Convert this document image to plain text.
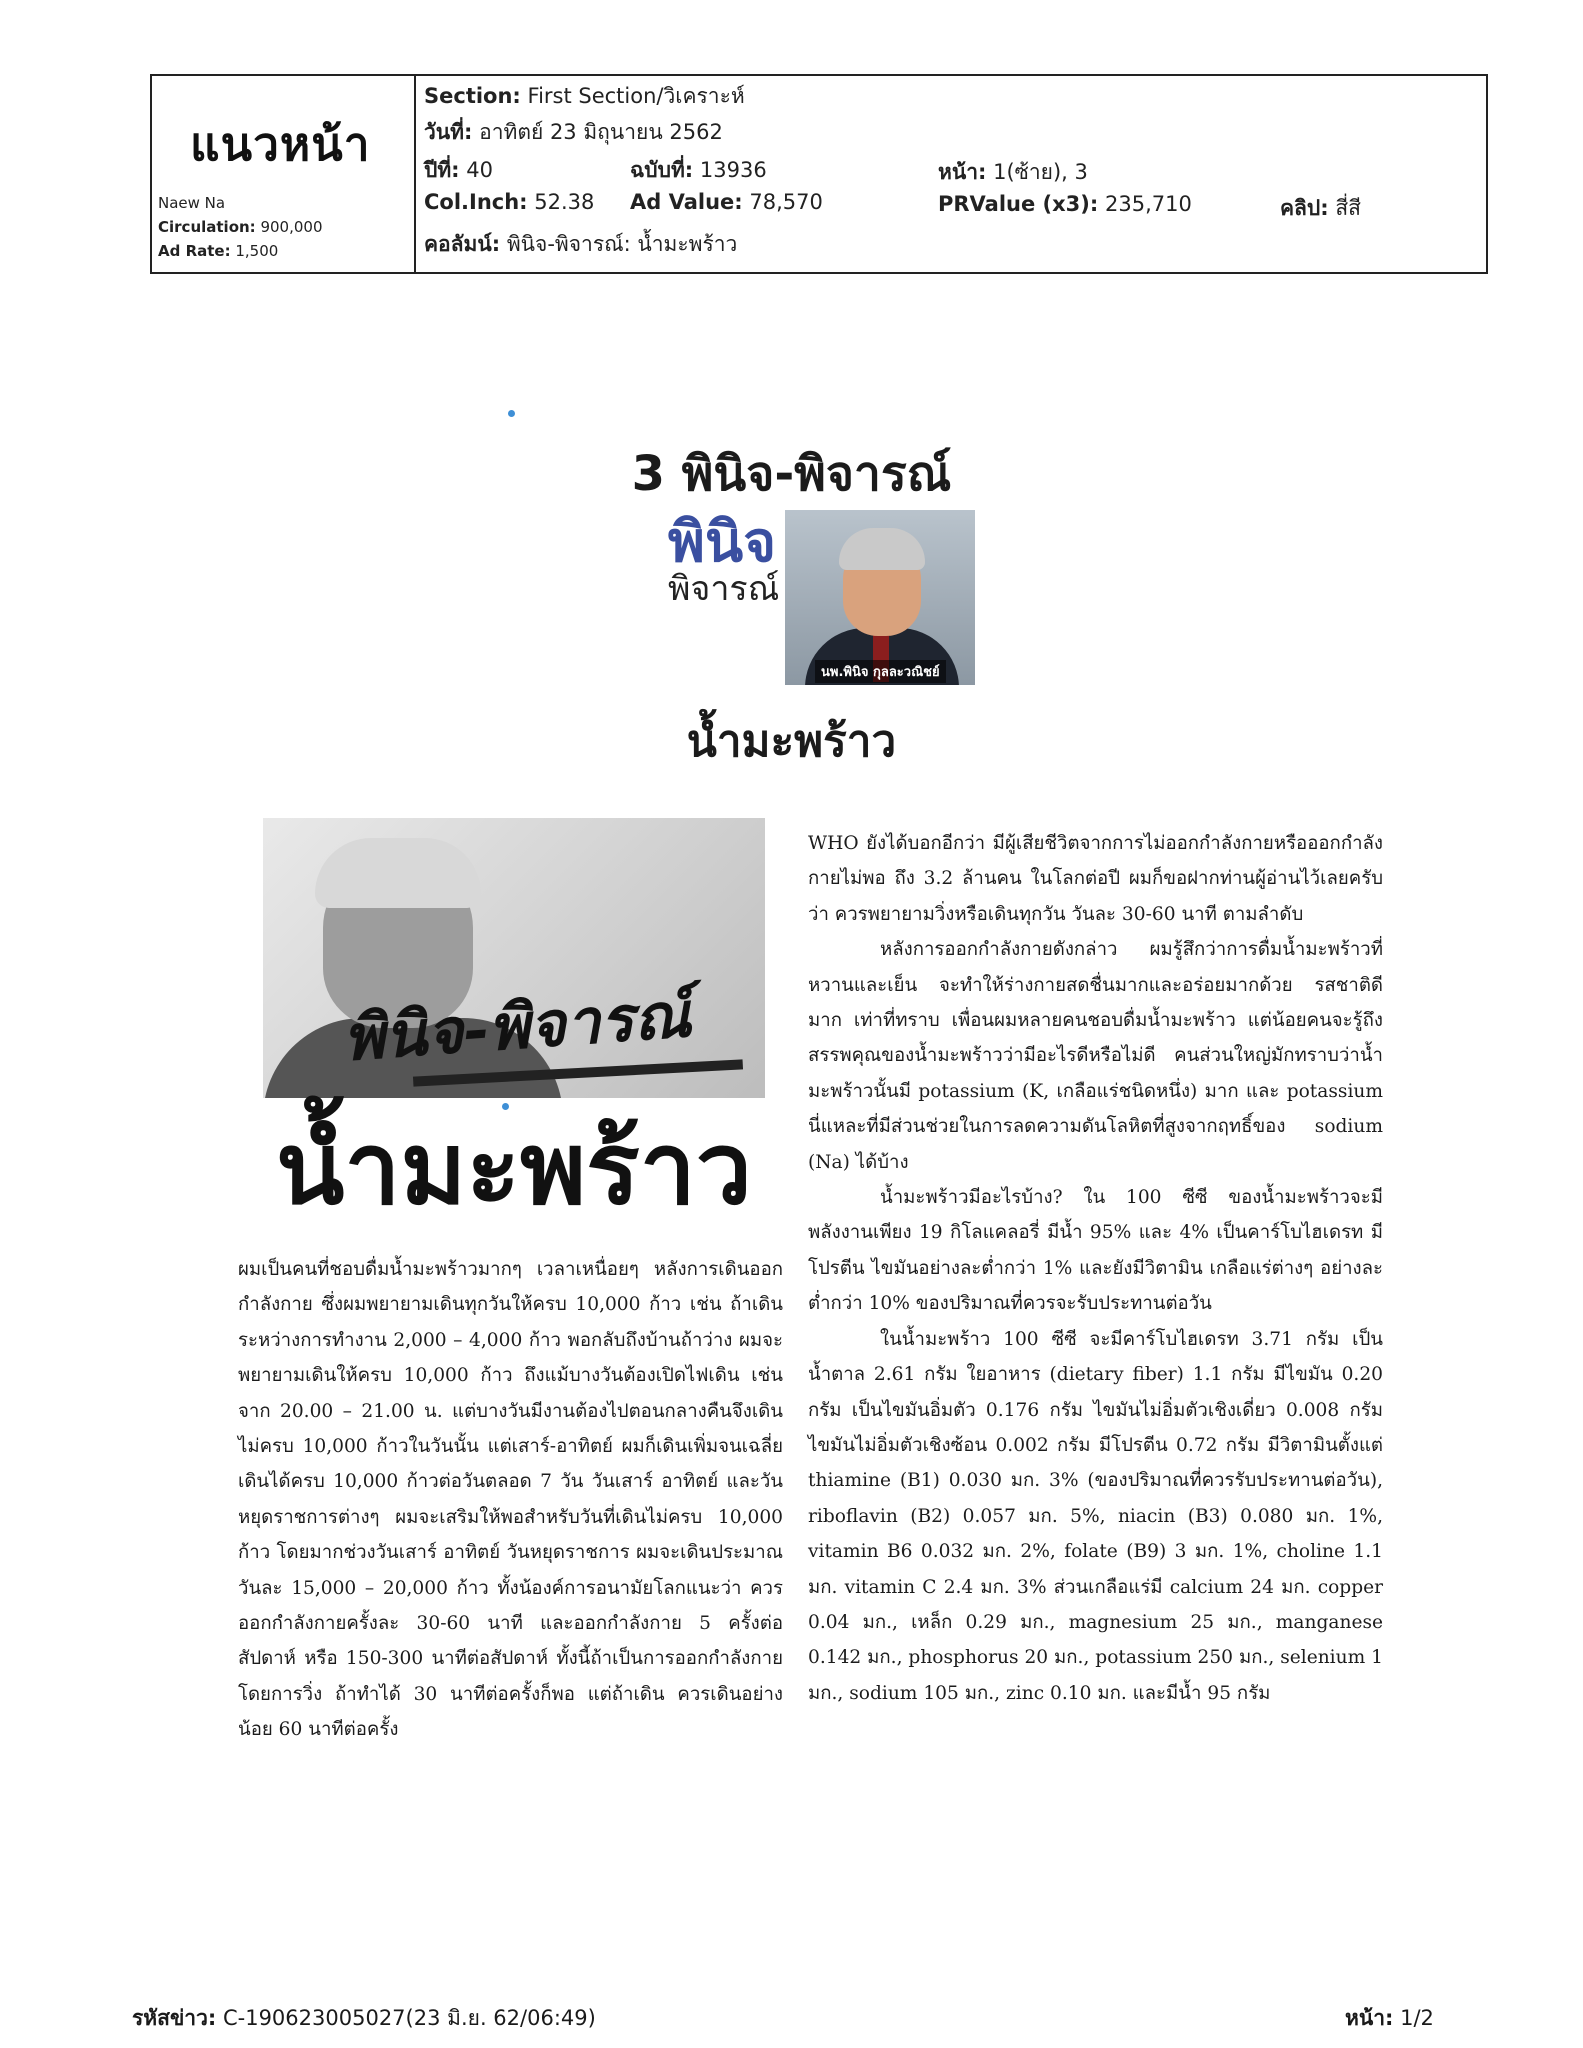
แนวหน้า
Naew Na
Circulation: 900,000
Ad Rate: 1,500
Section: First Section/วิเคราะห์
วันที่: อาทิตย์ 23 มิถุนายน 2562
ปีที่: 40	ฉบับที่: 13936	หน้า: 1(ซ้าย), 3
Col.Inch: 52.38 Ad Value: 78,570	PRValue (x3): 235,710	คลิป: สี่สี
คอลัมน์: พินิจ-พิจารณ์: น้ำมะพร้าว
3 พินิจ-พิจารณ์
พินิจ
พิจารณ์
นพ.พินิจ กุลละวณิชย์
น้ำมะพร้าว
พินิจ-พิจารณ์
น้ำมะพร้าว

ผมเป็นคนที่ชอบดื่มน้ำมะพร้าวมากๆ เวลาเหนื่อยๆ หลังการเดินออกกำลังกาย ซึ่งผมพยายามเดินทุกวันให้ครบ 10,000 ก้าว เช่น ถ้าเดินระหว่างการทำงาน 2,000 – 4,000 ก้าว พอกลับถึงบ้านถ้าว่าง ผมจะพยายามเดินให้ครบ 10,000 ก้าว ถึงแม้บางวันต้องเปิดไฟเดิน เช่น จาก 20.00 – 21.00 น. แต่บางวันมีงานต้องไปตอนกลางคืนจึงเดินไม่ครบ 10,000 ก้าวในวันนั้น แต่เสาร์-อาทิตย์ ผมก็เดินเพิ่มจนเฉลี่ยเดินได้ครบ 10,000 ก้าวต่อวันตลอด 7 วัน วันเสาร์ อาทิตย์ และวันหยุดราชการต่างๆ ผมจะเสริมให้พอสำหรับวันที่เดินไม่ครบ 10,000 ก้าว โดยมากช่วงวันเสาร์ อาทิตย์ วันหยุดราชการ ผมจะเดินประมาณวันละ 15,000 – 20,000 ก้าว ทั้งน้องค์การอนามัยโลกแนะว่า ควรออกกำลังกายครั้งละ 30-60 นาที และออกกำลังกาย 5 ครั้งต่อสัปดาห์ หรือ 150-300 นาทีต่อสัปดาห์ ทั้งนี้ถ้าเป็นการออกกำลังกายโดยการวิ่ง ถ้าทำได้ 30 นาทีต่อครั้งก็พอ แต่ถ้าเดิน ควรเดินอย่างน้อย 60 นาทีต่อครั้ง

WHO ยังได้บอกอีกว่า มีผู้เสียชีวิตจากการไม่ออกกำลังกายหรือออกกำลังกายไม่พอ ถึง 3.2 ล้านคน ในโลกต่อปี ผมก็ขอฝากท่านผู้อ่านไว้เลยครับว่า ควรพยายามวิ่งหรือเดินทุกวัน วันละ 30-60 นาที ตามลำดับ

หลังการออกกำลังกายดังกล่าว ผมรู้สึกว่าการดื่มน้ำมะพร้าวที่หวานและเย็น จะทำให้ร่างกายสดชื่นมากและอร่อยมากด้วย รสชาติดีมาก เท่าที่ทราบ เพื่อนผมหลายคนชอบดื่มน้ำมะพร้าว แต่น้อยคนจะรู้ถึงสรรพคุณของน้ำมะพร้าวว่ามีอะไรดีหรือไม่ดี คนส่วนใหญ่มักทราบว่าน้ำมะพร้าวนั้นมี potassium (K, เกลือแร่ชนิดหนึ่ง) มาก และ potassium นี่แหละที่มีส่วนช่วยในการลดความดันโลหิตที่สูงจากฤทธิ์ของ sodium (Na) ได้บ้าง

น้ำมะพร้าวมีอะไรบ้าง? ใน 100 ซีซี ของน้ำมะพร้าวจะมีพลังงานเพียง 19 กิโลแคลอรี่ มีน้ำ 95% และ 4% เป็นคาร์โบไฮเดรท มีโปรตีน ไขมันอย่างละต่ำกว่า 1% และยังมีวิตามิน เกลือแร่ต่างๆ อย่างละต่ำกว่า 10% ของปริมาณที่ควรจะรับประทานต่อวัน

ในน้ำมะพร้าว 100 ซีซี จะมีคาร์โบไฮเดรท 3.71 กรัม เป็นน้ำตาล 2.61 กรัม ใยอาหาร (dietary fiber) 1.1 กรัม มีไขมัน 0.20 กรัม เป็นไขมันอิ่มตัว 0.176 กรัม ไขมันไม่อิ่มตัวเชิงเดี่ยว 0.008 กรัม ไขมันไม่อิ่มตัวเชิงซ้อน 0.002 กรัม มีโปรตีน 0.72 กรัม มีวิตามินตั้งแต่ thiamine (B1) 0.030 มก. 3% (ของปริมาณที่ควรรับประทานต่อวัน), riboflavin (B2) 0.057 มก. 5%, niacin (B3) 0.080 มก. 1%, vitamin B6 0.032 มก. 2%, folate (B9) 3 มก. 1%, choline 1.1 มก. vitamin C 2.4 มก. 3% ส่วนเกลือแร่มี calcium 24 มก. copper 0.04 มก., เหล็ก 0.29 มก., magnesium 25 มก., manganese 0.142 มก., phosphorus 20 มก., potassium 250 มก., selenium 1 มก., sodium 105 มก., zinc 0.10 มก. และมีน้ำ 95 กรัม

รหัสข่าว: C-190623005027(23 มิ.ย. 62/06:49)	หน้า: 1/2
